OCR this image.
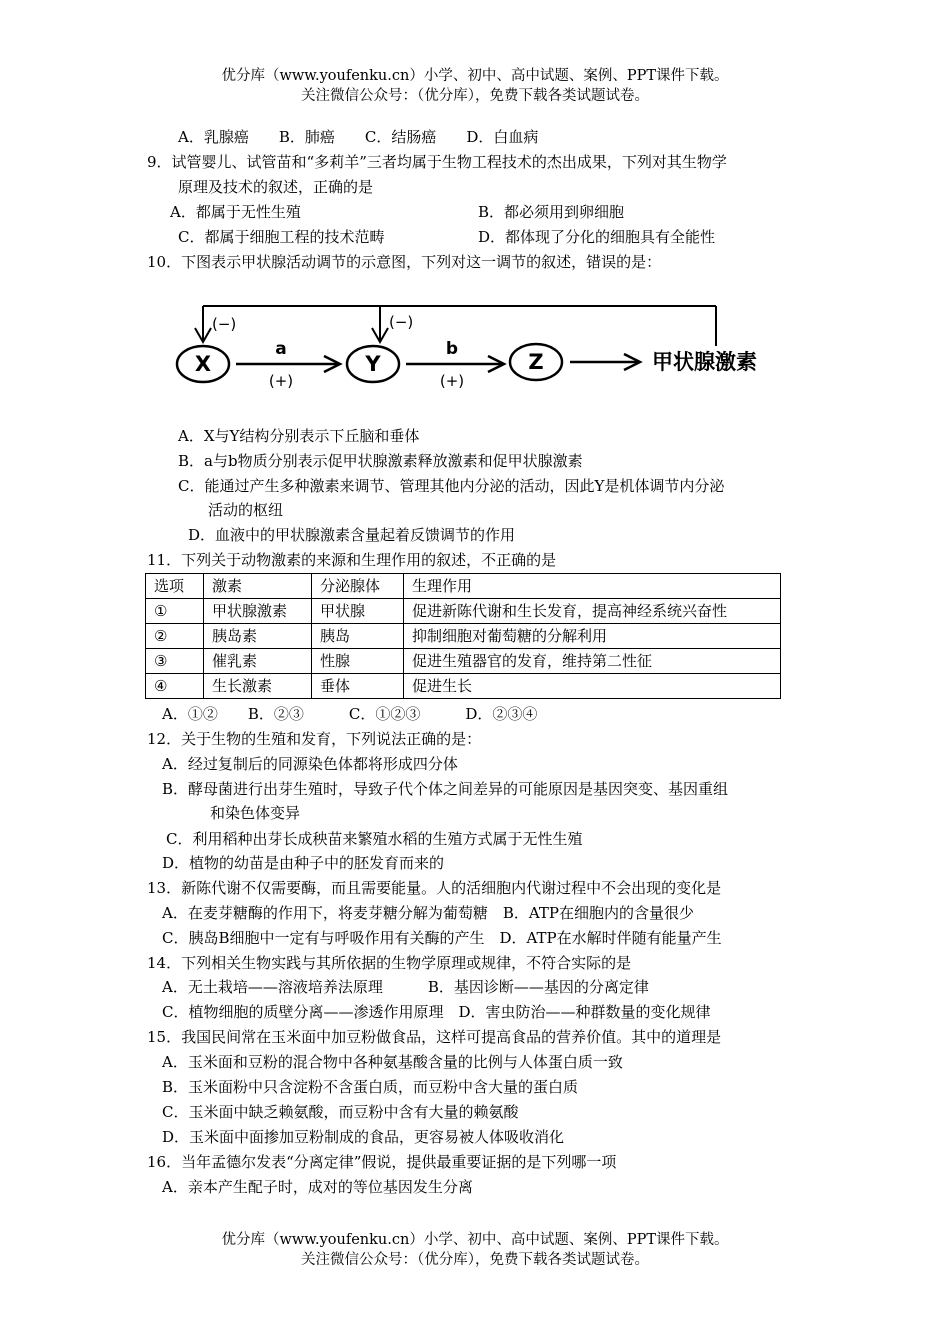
优分库（www.youfenku.cn）小学、初中、高中试题、案例、PPT课件下载。
关注微信公众号：（优分库），免费下载各类试题试卷。
A．乳腺癌　　B．肺癌　　C．结肠癌　　D．白血病
9．试管婴儿、试管苗和“多莉羊”三者均属于生物工程技术的杰出成果，下列对其生物学
原理及技术的叙述，正确的是
A．都属于无性生殖	B．都必须用到卵细胞
C．都属于细胞工程的技术范畴	D．都体现了分化的细胞具有全能性
10．下图表示甲状腺活动调节的示意图，下列对这一调节的叙述，错误的是：
X	Y	Z
a	b
(−)	(−)
(+)	(+)
甲状腺激素
A．X与Y结构分别表示下丘脑和垂体
B．a与b物质分别表示促甲状腺激素释放激素和促甲状腺激素
C．能通过产生多种激素来调节、管理其他内分泌的活动，因此Y是机体调节内分泌
活动的枢纽
D．血液中的甲状腺激素含量起着反馈调节的作用
11．下列关于动物激素的来源和生理作用的叙述，不正确的是
选项	激素	分泌腺体	生理作用
①	甲状腺激素	甲状腺	促进新陈代谢和生长发育，提高神经系统兴奋性
②	胰岛素	胰岛	抑制细胞对葡萄糖的分解利用
③	催乳素	性腺	促进生殖器官的发育，维持第二性征
④	生长激素	垂体	促进生长
A．①②　　B．②③　　　C．①②③　　　D．②③④
12．关于生物的生殖和发育，下列说法正确的是：
A．经过复制后的同源染色体都将形成四分体
B．酵母菌进行出芽生殖时，导致子代个体之间差异的可能原因是基因突变、基因重组
和染色体变异
C．利用稻种出芽长成秧苗来繁殖水稻的生殖方式属于无性生殖
D．植物的幼苗是由种子中的胚发育而来的
13．新陈代谢不仅需要酶，而且需要能量。人的活细胞内代谢过程中不会出现的变化是
A．在麦芽糖酶的作用下，将麦芽糖分解为葡萄糖　B．ATP在细胞内的含量很少
C．胰岛B细胞中一定有与呼吸作用有关酶的产生　D．ATP在水解时伴随有能量产生
14．下列相关生物实践与其所依据的生物学原理或规律，不符合实际的是
A．无土栽培——溶液培养法原理　　　B．基因诊断——基因的分离定律
C．植物细胞的质壁分离——渗透作用原理　D．害虫防治——种群数量的变化规律
15．我国民间常在玉米面中加豆粉做食品，这样可提高食品的营养价值。其中的道理是
A．玉米面和豆粉的混合物中各种氨基酸含量的比例与人体蛋白质一致
B．玉米面粉中只含淀粉不含蛋白质，而豆粉中含大量的蛋白质
C．玉米面中缺乏赖氨酸，而豆粉中含有大量的赖氨酸
D．玉米面中面掺加豆粉制成的食品，更容易被人体吸收消化
16．当年孟德尔发表“分离定律”假说，提供最重要证据的是下列哪一项
A．亲本产生配子时，成对的等位基因发生分离
优分库（www.youfenku.cn）小学、初中、高中试题、案例、PPT课件下载。
关注微信公众号：（优分库），免费下载各类试题试卷。
